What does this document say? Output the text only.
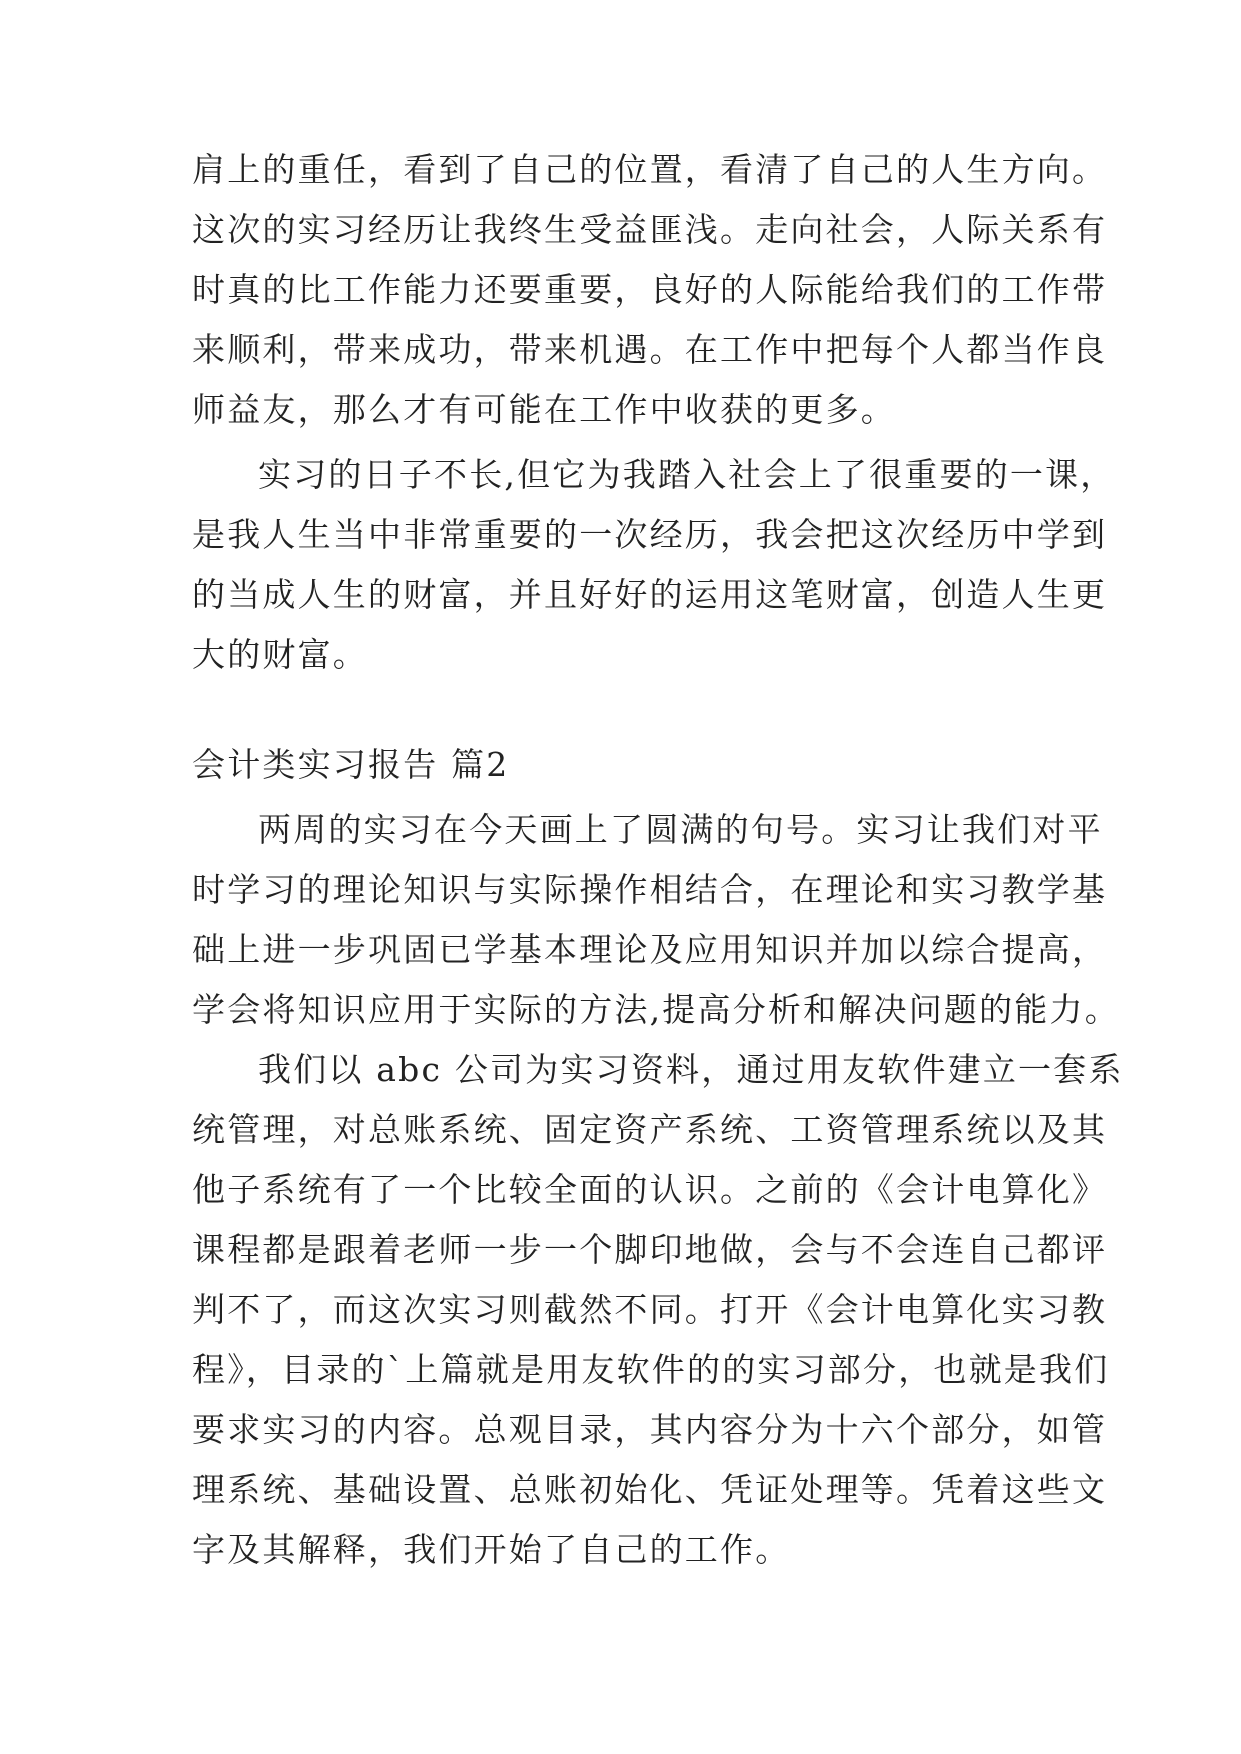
肩上的重任，看到了自己的位置，看清了自己的人生方向。

这次的实习经历让我终生受益匪浅。走向社会，人际关系有

时真的比工作能力还要重要，良好的人际能给我们的工作带

来顺利，带来成功，带来机遇。在工作中把每个人都当作良

师益友，那么才有可能在工作中收获的更多。

实习的日子不长,但它为我踏入社会上了很重要的一课，

是我人生当中非常重要的一次经历，我会把这次经历中学到

的当成人生的财富，并且好好的运用这笔财富，创造人生更

大的财富。

会计类实习报告 篇2

两周的实习在今天画上了圆满的句号。实习让我们对平

时学习的理论知识与实际操作相结合，在理论和实习教学基

础上进一步巩固已学基本理论及应用知识并加以综合提高，

学会将知识应用于实际的方法,提高分析和解决问题的能力。

我们以 abc 公司为实习资料，通过用友软件建立一套系

统管理，对总账系统、固定资产系统、工资管理系统以及其

他子系统有了一个比较全面的认识。之前的《会计电算化》

课程都是跟着老师一步一个脚印地做，会与不会连自己都评

判不了，而这次实习则截然不同。打开《会计电算化实习教

程》，目录的`上篇就是用友软件的的实习部分，也就是我们

要求实习的内容。总观目录，其内容分为十六个部分，如管

理系统、基础设置、总账初始化、凭证处理等。凭着这些文

字及其解释，我们开始了自己的工作。
